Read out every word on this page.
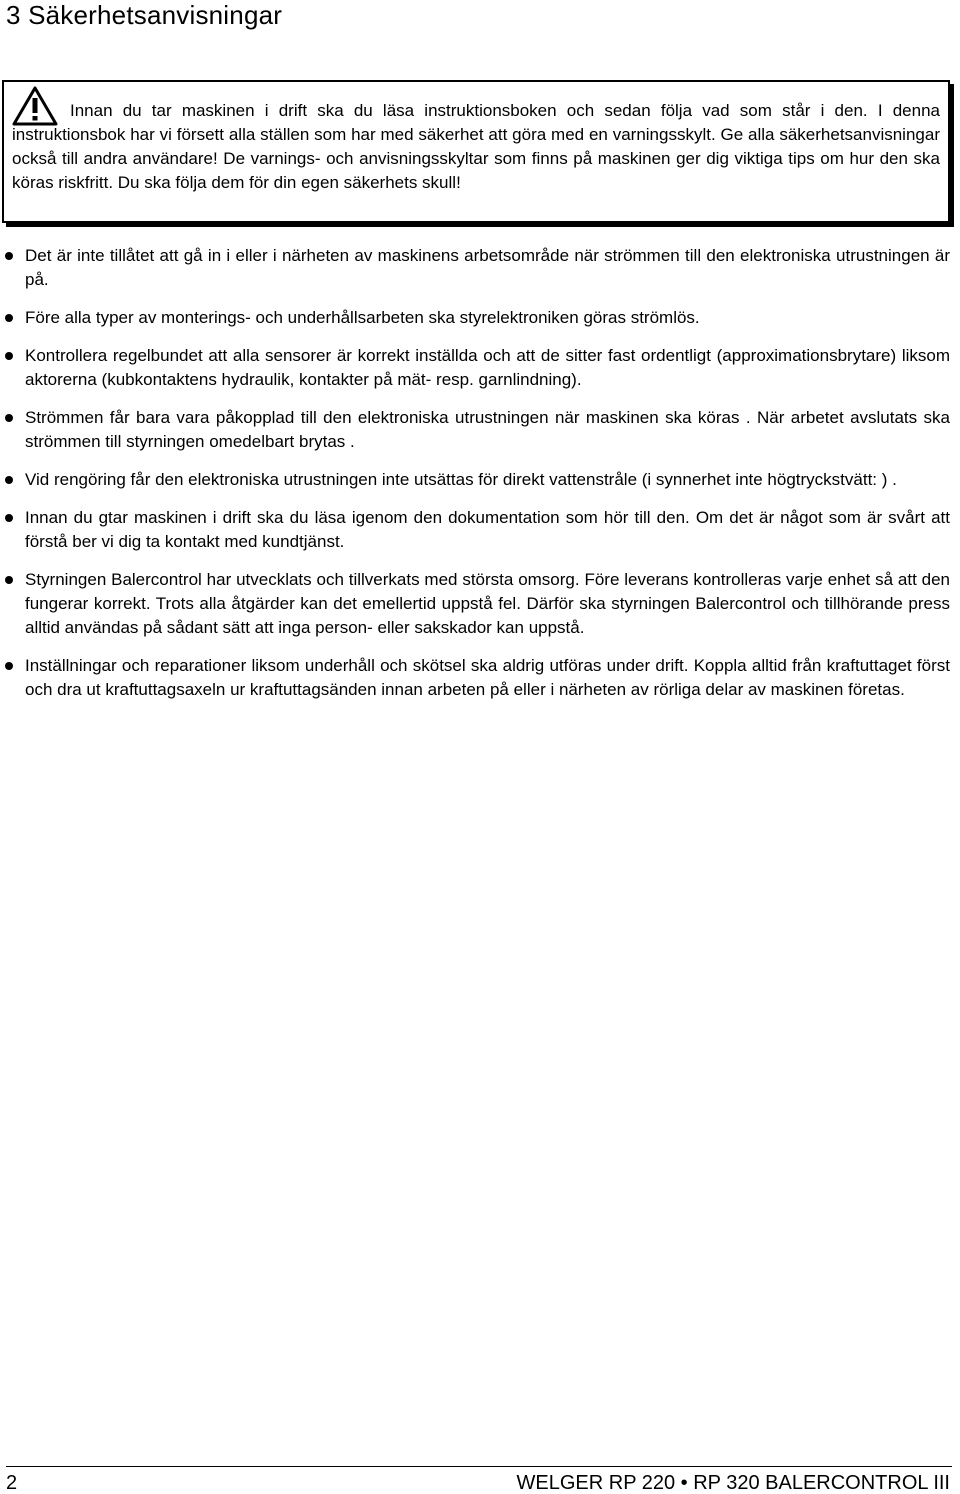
3 Säkerhetsanvisningar

Innan du tar maskinen i drift ska du läsa instruktionsboken och sedan följa vad som står i den. I denna instruktionsbok har vi försett alla ställen som har med säkerhet att göra med en varningsskylt. Ge alla säkerhetsanvisningar också till andra användare! De varnings- och anvisningsskyltar som finns på maskinen ger dig viktiga tips om hur den ska köras riskfritt. Du ska följa dem för din egen säkerhets skull!

Det är inte tillåtet att gå in i eller i närheten av maskinens arbetsområde när strömmen till den elektroniska utrustningen är på.
Före alla typer av monterings- och underhållsarbeten ska styrelektroniken göras strömlös.
Kontrollera regelbundet att alla sensorer är korrekt inställda och att de sitter fast ordentligt (approximationsbrytare) liksom aktorerna (kubkontaktens hydraulik, kontakter på mät- resp. garnlindning).
Strömmen får bara vara påkopplad till den elektroniska utrustningen när maskinen ska köras . När arbetet avslutats ska strömmen till styrningen omedelbart brytas .
Vid rengöring får den elektroniska utrustningen inte utsättas för direkt vattenstråle (i synnerhet inte högtryckstvätt: ) .
Innan du gtar maskinen i drift ska du läsa igenom den dokumentation som hör till den. Om det är något som är svårt att förstå ber vi dig ta kontakt med kundtjänst.
Styrningen Balercontrol har utvecklats och tillverkats med största omsorg. Före leverans kontrolleras varje enhet så att den fungerar korrekt. Trots alla åtgärder kan det emellertid uppstå fel. Därför ska styrningen Balercontrol och tillhörande press alltid användas på sådant sätt att inga person- eller sakskador kan uppstå.
Inställningar och reparationer liksom underhåll och skötsel ska aldrig utföras under drift. Koppla alltid från kraftuttaget först och dra ut kraftuttagsaxeln ur kraftuttagsänden innan arbeten på eller i närheten av rörliga delar av maskinen företas.
2	WELGER RP 220 • RP 320 BALERCONTROL III
